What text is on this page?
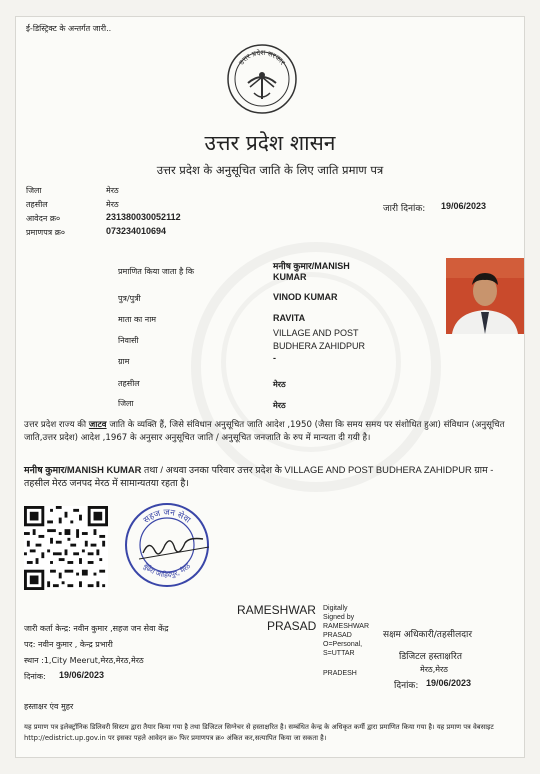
ई-डिस्ट्रिक्ट के अन्तर्गत जारी..
उत्तर प्रदेश सरकार
उत्तर प्रदेश शासन
उत्तर प्रदेश के अनुसूचित जाति के लिए जाति प्रमाण पत्र
जिला	मेरठ
तहसील	मेरठ
आवेदन क्र०	231380030052112
प्रमाणपत्र क्र०	073234010694
जारी दिनांक: 19/06/2023
प्रमाणित किया जाता है कि
मनीष कुमार/MANISH
KUMAR
पुत्र/पुत्री	VINOD KUMAR
माता का नाम	RAVITA
निवासी
VILLAGE AND POST
BUDHERA ZAHIDPUR
ग्राम	-
तहसील	मेरठ
जिला	मेरठ
उत्तर प्रदेश राज्य की जाटव जाति के व्यक्ति हैं, जिसे संविधान अनुसूचित जाति आदेश ,1950 (जैसा कि समय समय पर संशोधित हुआ) संविधान (अनुसूचित जाति,उत्तर प्रदेश) आदेश ,1967 के अनुसार अनुसूचित जाति / अनुसूचित जनजाति के रुप में मान्यता दी गयी है।
मनीष कुमार/MANISH KUMAR तथा / अथवा उनका परिवार उत्तर प्रदेश के VILLAGE AND POST BUDHERA ZAHIDPUR ग्राम - तहसील मेरठ जनपद मेरठ में सामान्यतया रहता है।
सहज जन सेवा
बुढेरा जाहिदपुर, मेरठ
जारी कर्ता केन्द्र: नवीन कुमार ,सहज जन सेवा केंद्र
पद: नवीन कुमार , केन्द्र प्रभारी
स्थान :1,City Meerut,मेरठ,मेरठ,मेरठ
दिनांक: 19/06/2023
RAMESHWAR
PRASAD
Digitally
Signed by
RAMESHWAR
PRASAD
O=Personal,
S=UTTAR
PRADESH
सक्षम अधिकारी/तहसीलदार
डिजिटल हस्ताक्षरित
मेरठ,मेरठ
दिनांक: 19/06/2023
हस्ताक्षर एंव मुहर
यह प्रमाण पत्र इलेक्ट्रॉनिक डिलिवरी सिस्टम द्वारा तैयार किया गया है तथा डिजिटल सिग्नेचर से हस्ताक्षरित है। सम्बंधित केन्द्र के अधिकृत कर्मी द्वारा प्रमाणित किया गया है। यह प्रमाण पत्र वेबसाइट http://edistrict.up.gov.in पर इसका पहले आवेदन क्र० फिर प्रमाणपत्र क्र० अंकित कर,सत्यापित किया जा सकता है।
